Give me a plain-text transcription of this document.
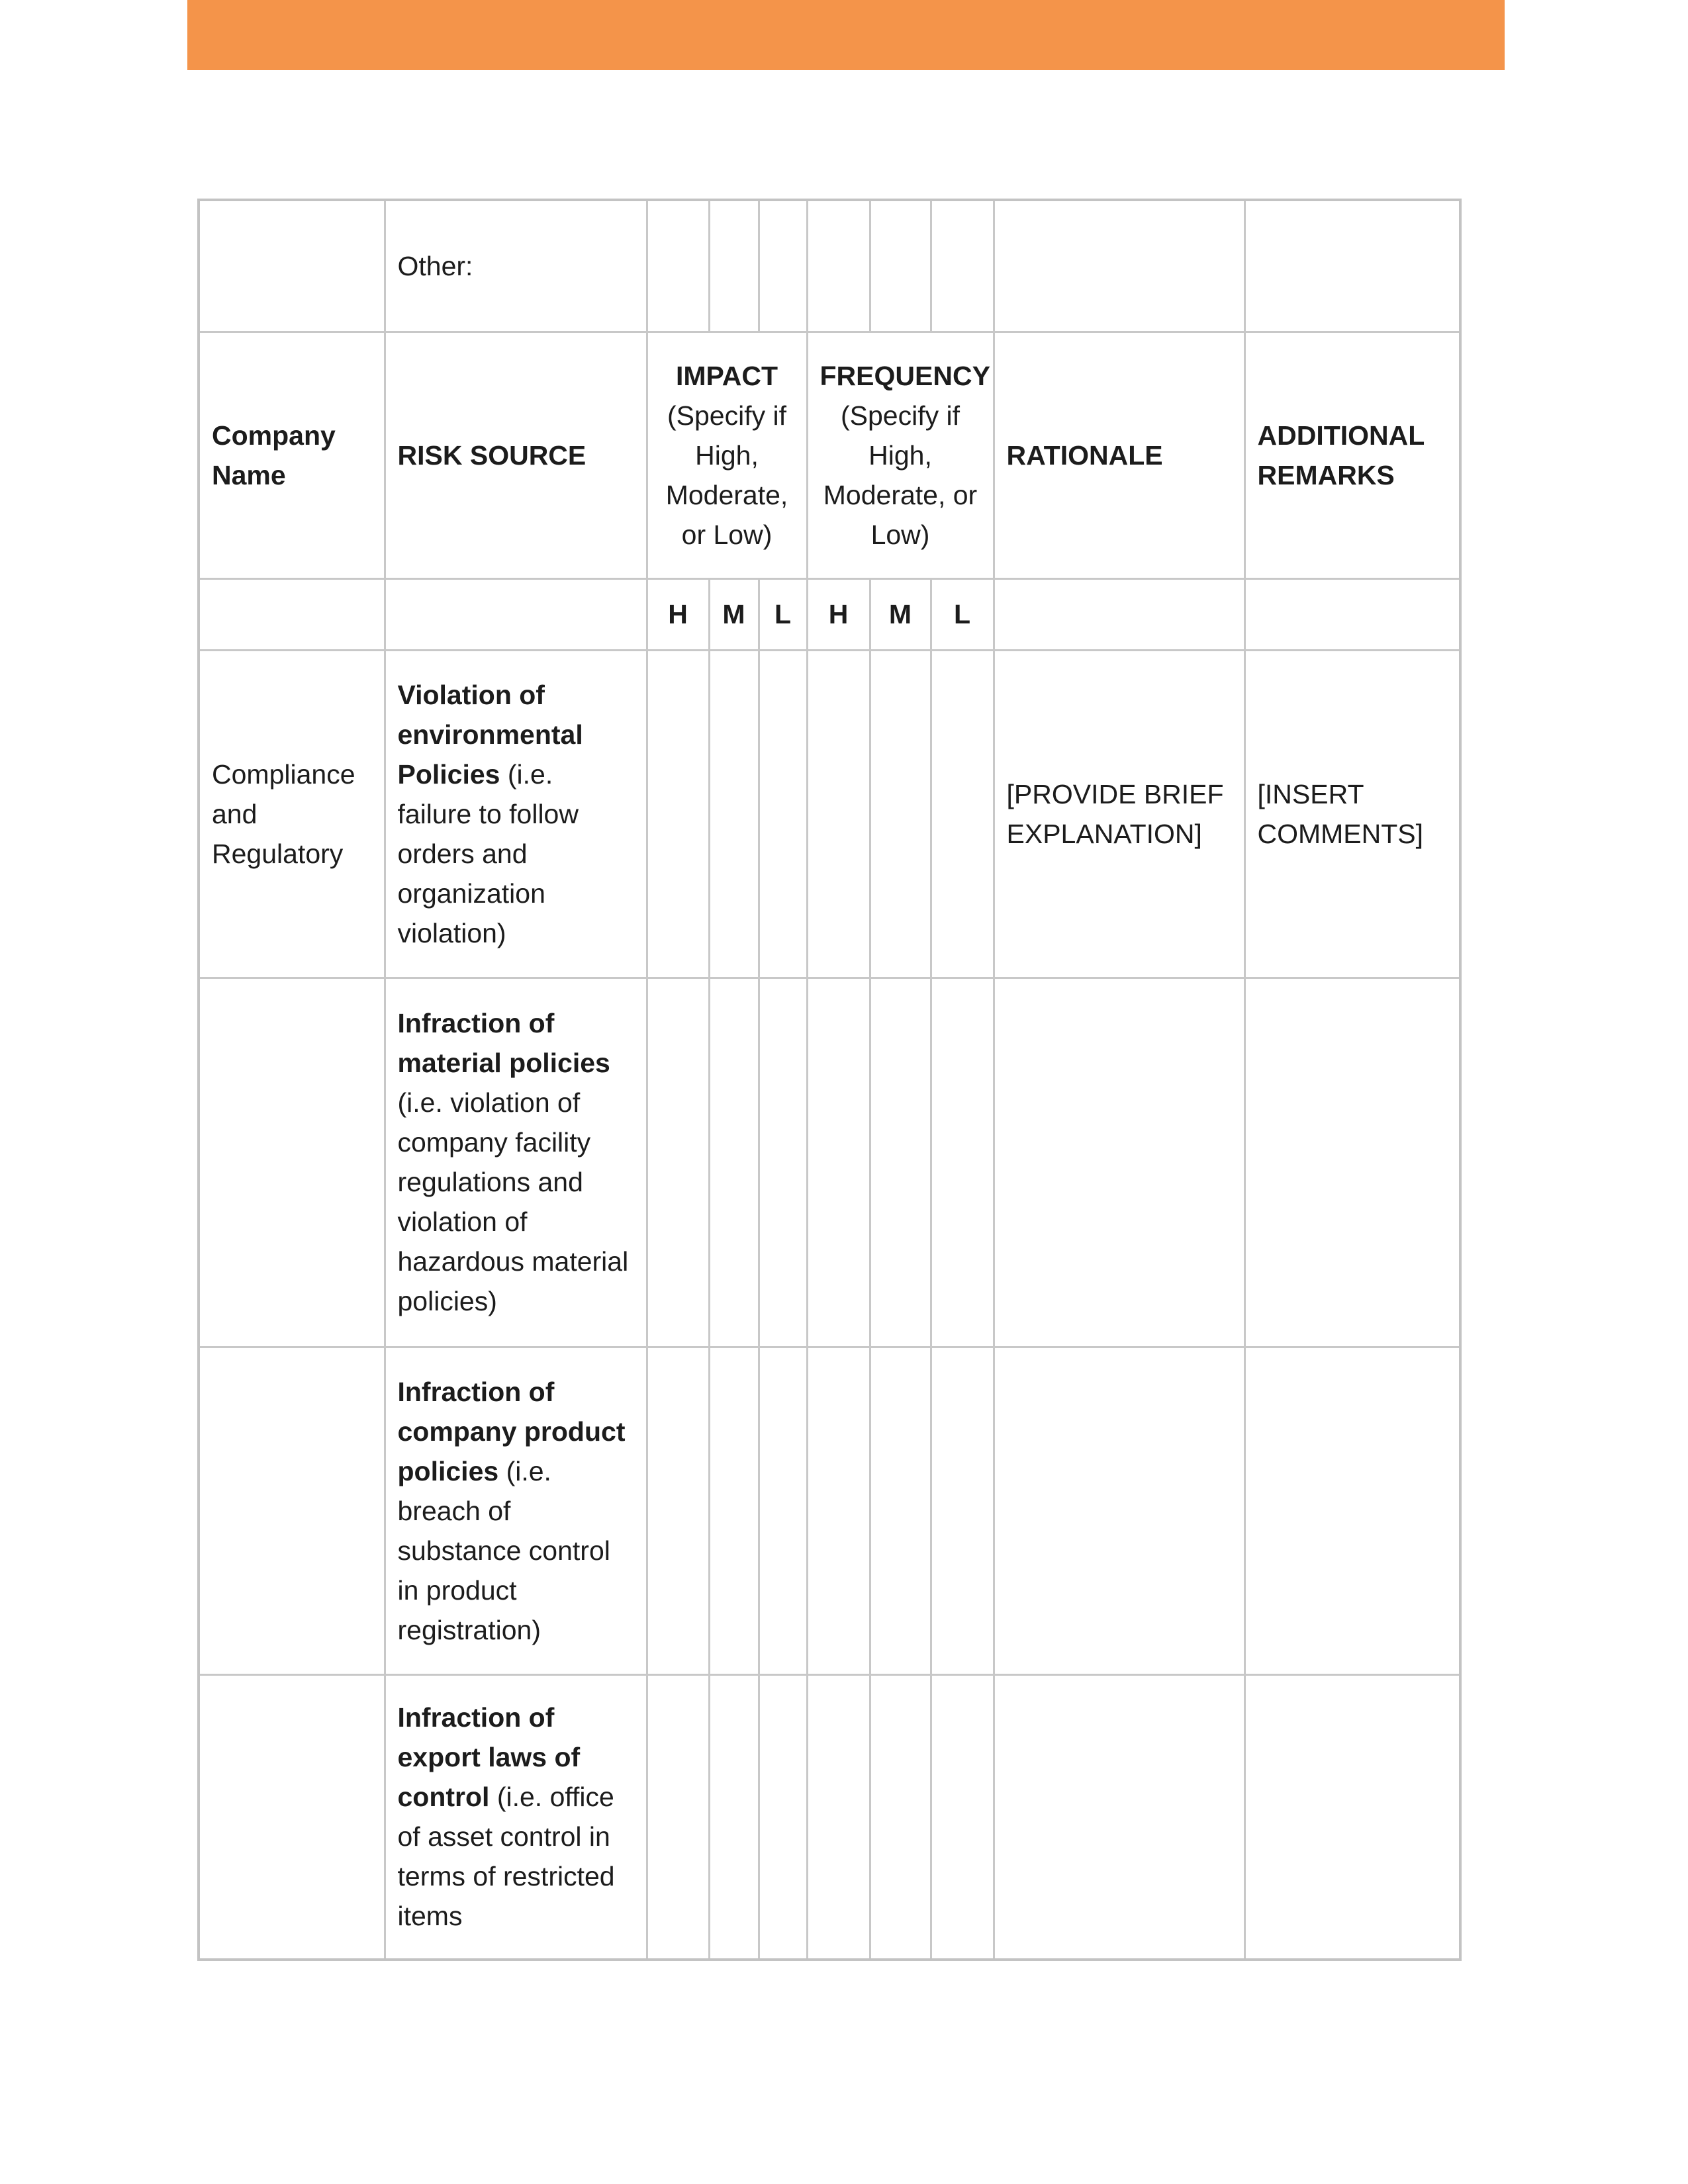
	Other:								
Company Name	RISK SOURCE	IMPACT (Specify if High, Moderate, or Low)			FREQUENCY (Specify if High, Moderate, or Low)			RATIONALE	ADDITIONAL REMARKS
		H	M	L	H	M	L		
Compliance and Regulatory	Violation of environmental Policies (i.e. failure to follow orders and organization violation)							[PROVIDE BRIEF EXPLANATION]	[INSERT COMMENTS]
	Infraction of material policies (i.e. violation of company facility regulations and violation of hazardous material policies)								
	Infraction of company product policies (i.e. breach of substance control in product registration)								
	Infraction of export laws of control (i.e. office of asset control in terms of restricted items								
